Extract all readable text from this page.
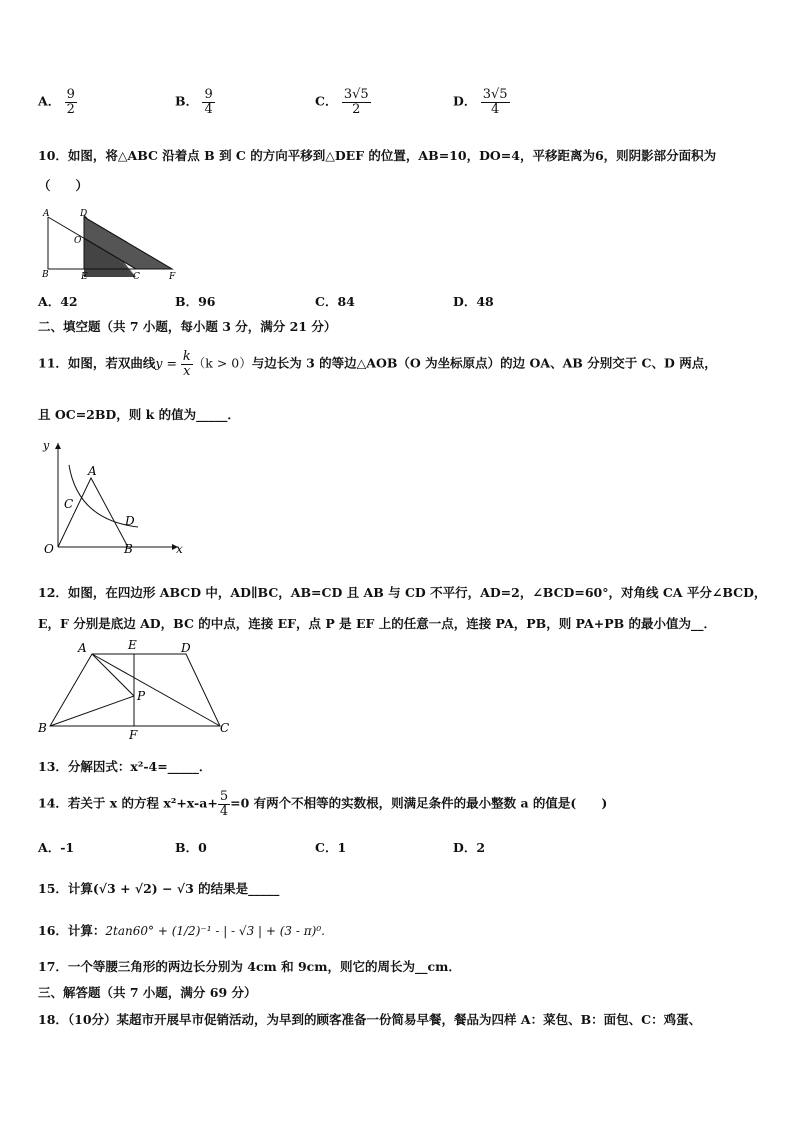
A． $\frac{9}{2}$	B． $\frac{9}{4}$	C． $\frac{3√5}{2}$	D． $\frac{3√5}{4}$
10．如图，将△ABC 沿着点 B 到 C 的方向平移到△DEF 的位置，AB=10，DO=4，平移距离为6，则阴影部分面积为
（　　）
A	D
O
B	E	C	F
A．42	B．96	C．84	D．48
二、填空题（共 7 小题，每小题 3 分，满分 21 分）
11．如图，若双曲线$y = \frac{k}{x} (k > 0)$与边长为 3 的等边△AOB（O 为坐标原点）的边 OA、AB 分别交于 C、D 两点，
且 OC=2BD，则 k 的值为_____．
y
A
C
D
O	B	x
12．如图，在四边形 ABCD 中，AD∥BC，AB=CD 且 AB 与 CD 不平行，AD=2，∠BCD=60°，对角线 CA 平分∠BCD，
E，F 分别是底边 AD，BC 的中点，连接 EF，点 P 是 EF 上的任意一点，连接 PA，PB，则 PA+PB 的最小值为__．
A	E	D
P
B	F	C
13．分解因式：x²-4=_____．
14．若关于 x 的方程 $x^2+x-a+ \frac{5}{4} =0$ 有两个不相等的实数根，则满足条件的最小整数 a 的值是(　　)
A．-1	B．0	C．1	D．2
15．计算(√3 + √2) − √3 的结果是_____
16．计算：2tan60° + (1/2)⁻¹ - | - √3 | + (3 - π)⁰.
17．一个等腰三角形的两边长分别为 4cm 和 9cm，则它的周长为__cm．
三、解答题（共 7 小题，满分 69 分）
18．（10分）某超市开展早市促销活动，为早到的顾客准备一份简易早餐，餐品为四样 A：菜包、B：面包、C：鸡蛋、
